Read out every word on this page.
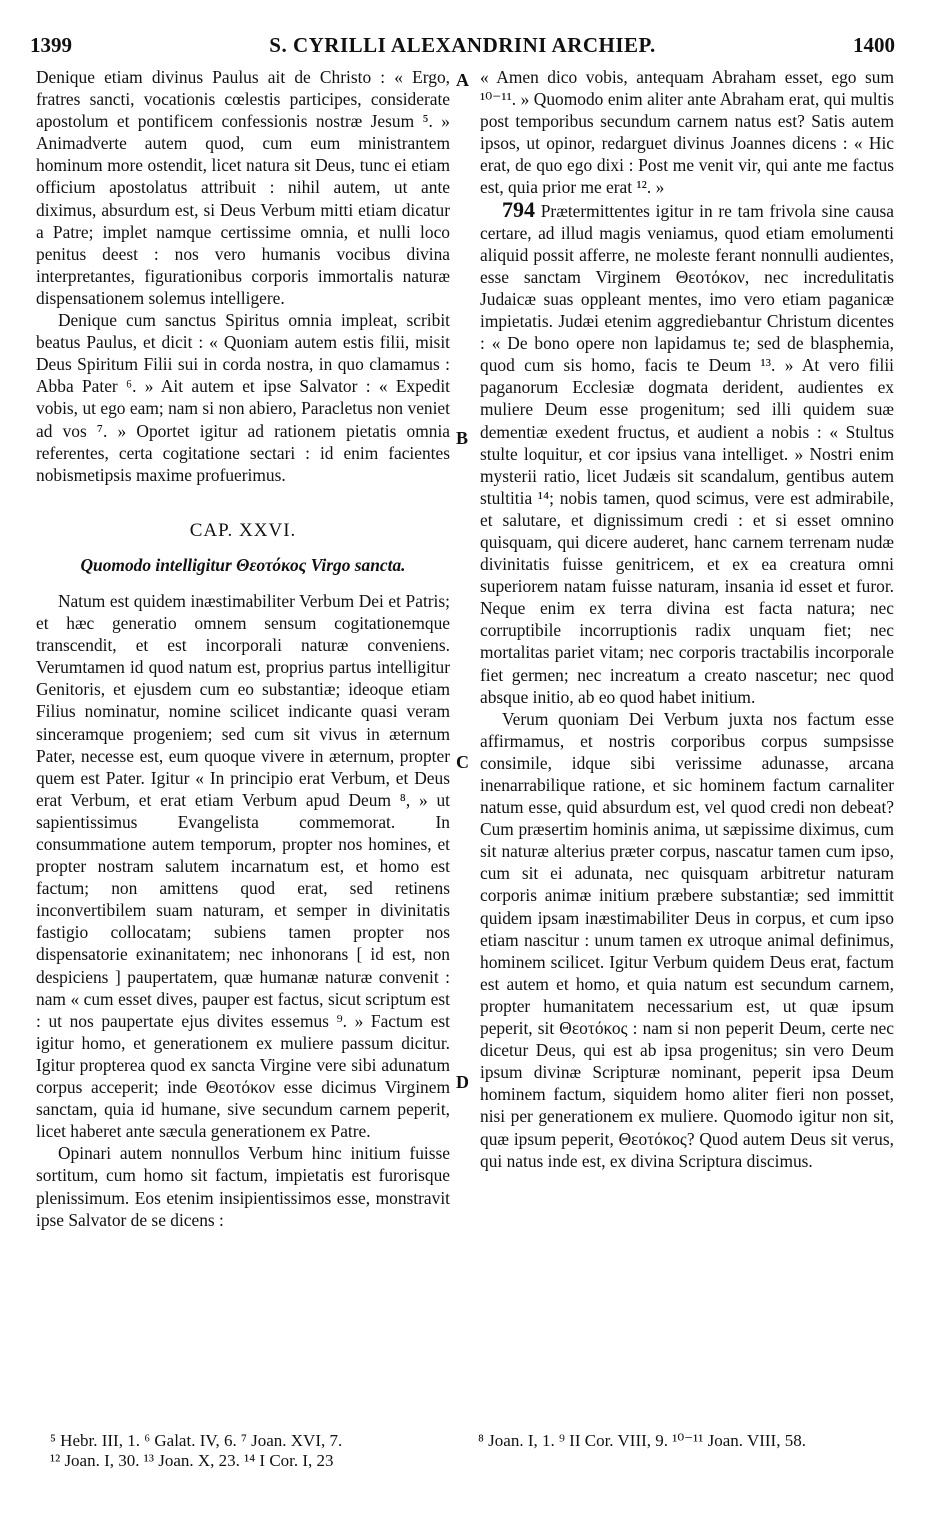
1399	S. CYRILLI ALEXANDRINI ARCHIEP.	1400
A
B
C
D

Denique etiam divinus Paulus ait de Christo : « Ergo, fratres sancti, vocationis cœlestis participes, considerate apostolum et pontificem confessionis nostræ Jesum ⁵. » Animadverte autem quod, cum eum ministrantem hominum more ostendit, licet natura sit Deus, tunc ei etiam officium apostolatus attribuit : nihil autem, ut ante diximus, absurdum est, si Deus Verbum mitti etiam dicatur a Patre; implet namque certissime omnia, et nulli loco penitus deest : nos vero humanis vocibus divina interpretantes, figurationibus corporis immortalis naturæ dispensationem solemus intelligere.

Denique cum sanctus Spiritus omnia impleat, scribit beatus Paulus, et dicit : « Quoniam autem estis filii, misit Deus Spiritum Filii sui in corda nostra, in quo clamamus : Abba Pater ⁶. » Ait autem et ipse Salvator : « Expedit vobis, ut ego eam; nam si non abiero, Paracletus non veniet ad vos ⁷. » Oportet igitur ad rationem pietatis omnia referentes, certa cogitatione sectari : id enim facientes nobismetipsis maxime profuerimus.

CAP. XXVI.
Quomodo intelligitur Θεοτόκος Virgo sancta.

Natum est quidem inæstimabiliter Verbum Dei et Patris; et hæc generatio omnem sensum cogitationemque transcendit, et est incorporali naturæ conveniens. Verumtamen id quod natum est, proprius partus intelligitur Genitoris, et ejusdem cum eo substantiæ; ideoque etiam Filius nominatur, nomine scilicet indicante quasi veram sinceramque progeniem; sed cum sit vivus in æternum Pater, necesse est, eum quoque vivere in æternum, propter quem est Pater. Igitur « In principio erat Verbum, et Deus erat Verbum, et erat etiam Verbum apud Deum ⁸, » ut sapientissimus Evangelista commemorat. In consummatione autem temporum, propter nos homines, et propter nostram salutem incarnatum est, et homo est factum; non amittens quod erat, sed retinens inconvertibilem suam naturam, et semper in divinitatis fastigio collocatam; subiens tamen propter nos dispensatorie exinanitatem; nec inhonorans [ id est, non despiciens ] paupertatem, quæ humanæ naturæ convenit : nam « cum esset dives, pauper est factus, sicut scriptum est : ut nos paupertate ejus divites essemus ⁹. » Factum est igitur homo, et generationem ex muliere passum dicitur. Igitur propterea quod ex sancta Virgine vere sibi adunatum corpus acceperit; inde Θεοτόκον esse dicimus Virginem sanctam, quia id humane, sive secundum carnem peperit, licet haberet ante sæcula generationem ex Patre.

Opinari autem nonnullos Verbum hinc initium fuisse sortitum, cum homo sit factum, impietatis est furorisque plenissimum. Eos etenim insipientissimos esse, monstravit ipse Salvator de se dicens :

« Amen dico vobis, antequam Abraham esset, ego sum ¹⁰⁻¹¹. » Quomodo enim aliter ante Abraham erat, qui multis post temporibus secundum carnem natus est? Satis autem ipsos, ut opinor, redarguet divinus Joannes dicens : « Hic erat, de quo ego dixi : Post me venit vir, qui ante me factus est, quia prior me erat ¹². »

794 Prætermittentes igitur in re tam frivola sine causa certare, ad illud magis veniamus, quod etiam emolumenti aliquid possit afferre, ne moleste ferant nonnulli audientes, esse sanctam Virginem Θεοτόκον, nec incredulitatis Judaicæ suas oppleant mentes, imo vero etiam paganicæ impietatis. Judæi etenim aggrediebantur Christum dicentes : « De bono opere non lapidamus te; sed de blasphemia, quod cum sis homo, facis te Deum ¹³. » At vero filii paganorum Ecclesiæ dogmata derident, audientes ex muliere Deum esse progenitum; sed illi quidem suæ dementiæ exedent fructus, et audient a nobis : « Stultus stulte loquitur, et cor ipsius vana intelliget. » Nostri enim mysterii ratio, licet Judæis sit scandalum, gentibus autem stultitia ¹⁴; nobis tamen, quod scimus, vere est admirabile, et salutare, et dignissimum credi : et si esset omnino quisquam, qui dicere auderet, hanc carnem terrenam nudæ divinitatis fuisse genitricem, et ex ea creatura omni superiorem natam fuisse naturam, insania id esset et furor. Neque enim ex terra divina est facta natura; nec corruptibile incorruptionis radix unquam fiet; nec mortalitas pariet vitam; nec corporis tractabilis incorporale fiet germen; nec increatum a creato nascetur; nec quod absque initio, ab eo quod habet initium.

Verum quoniam Dei Verbum juxta nos factum esse affirmamus, et nostris corporibus corpus sumpsisse consimile, idque sibi verissime adunasse, arcana inenarrabilique ratione, et sic hominem factum carnaliter natum esse, quid absurdum est, vel quod credi non debeat? Cum præsertim hominis anima, ut sæpissime diximus, cum sit naturæ alterius præter corpus, nascatur tamen cum ipso, cum sit ei adunata, nec quisquam arbitretur naturam corporis animæ initium præbere substantiæ; sed immittit quidem ipsam inæstimabiliter Deus in corpus, et cum ipso etiam nascitur : unum tamen ex utroque animal definimus, hominem scilicet. Igitur Verbum quidem Deus erat, factum est autem et homo, et quia natum est secundum carnem, propter humanitatem necessarium est, ut quæ ipsum peperit, sit Θεοτόκος : nam si non peperit Deum, certe nec dicetur Deus, qui est ab ipsa progenitus; sin vero Deum ipsum divinæ Scripturæ nominant, peperit ipsa Deum hominem factum, siquidem homo aliter fieri non posset, nisi per generationem ex muliere. Quomodo igitur non sit, quæ ipsum peperit, Θεοτόκος? Quod autem Deus sit verus, qui natus inde est, ex divina Scriptura discimus.

⁵ Hebr. III, 1. ⁶ Galat. IV, 6. ⁷ Joan. XVI, 7.
¹² Joan. I, 30. ¹³ Joan. X, 23. ¹⁴ I Cor. I, 23
⁸ Joan. I, 1. ⁹ II Cor. VIII, 9. ¹⁰⁻¹¹ Joan. VIII, 58.
